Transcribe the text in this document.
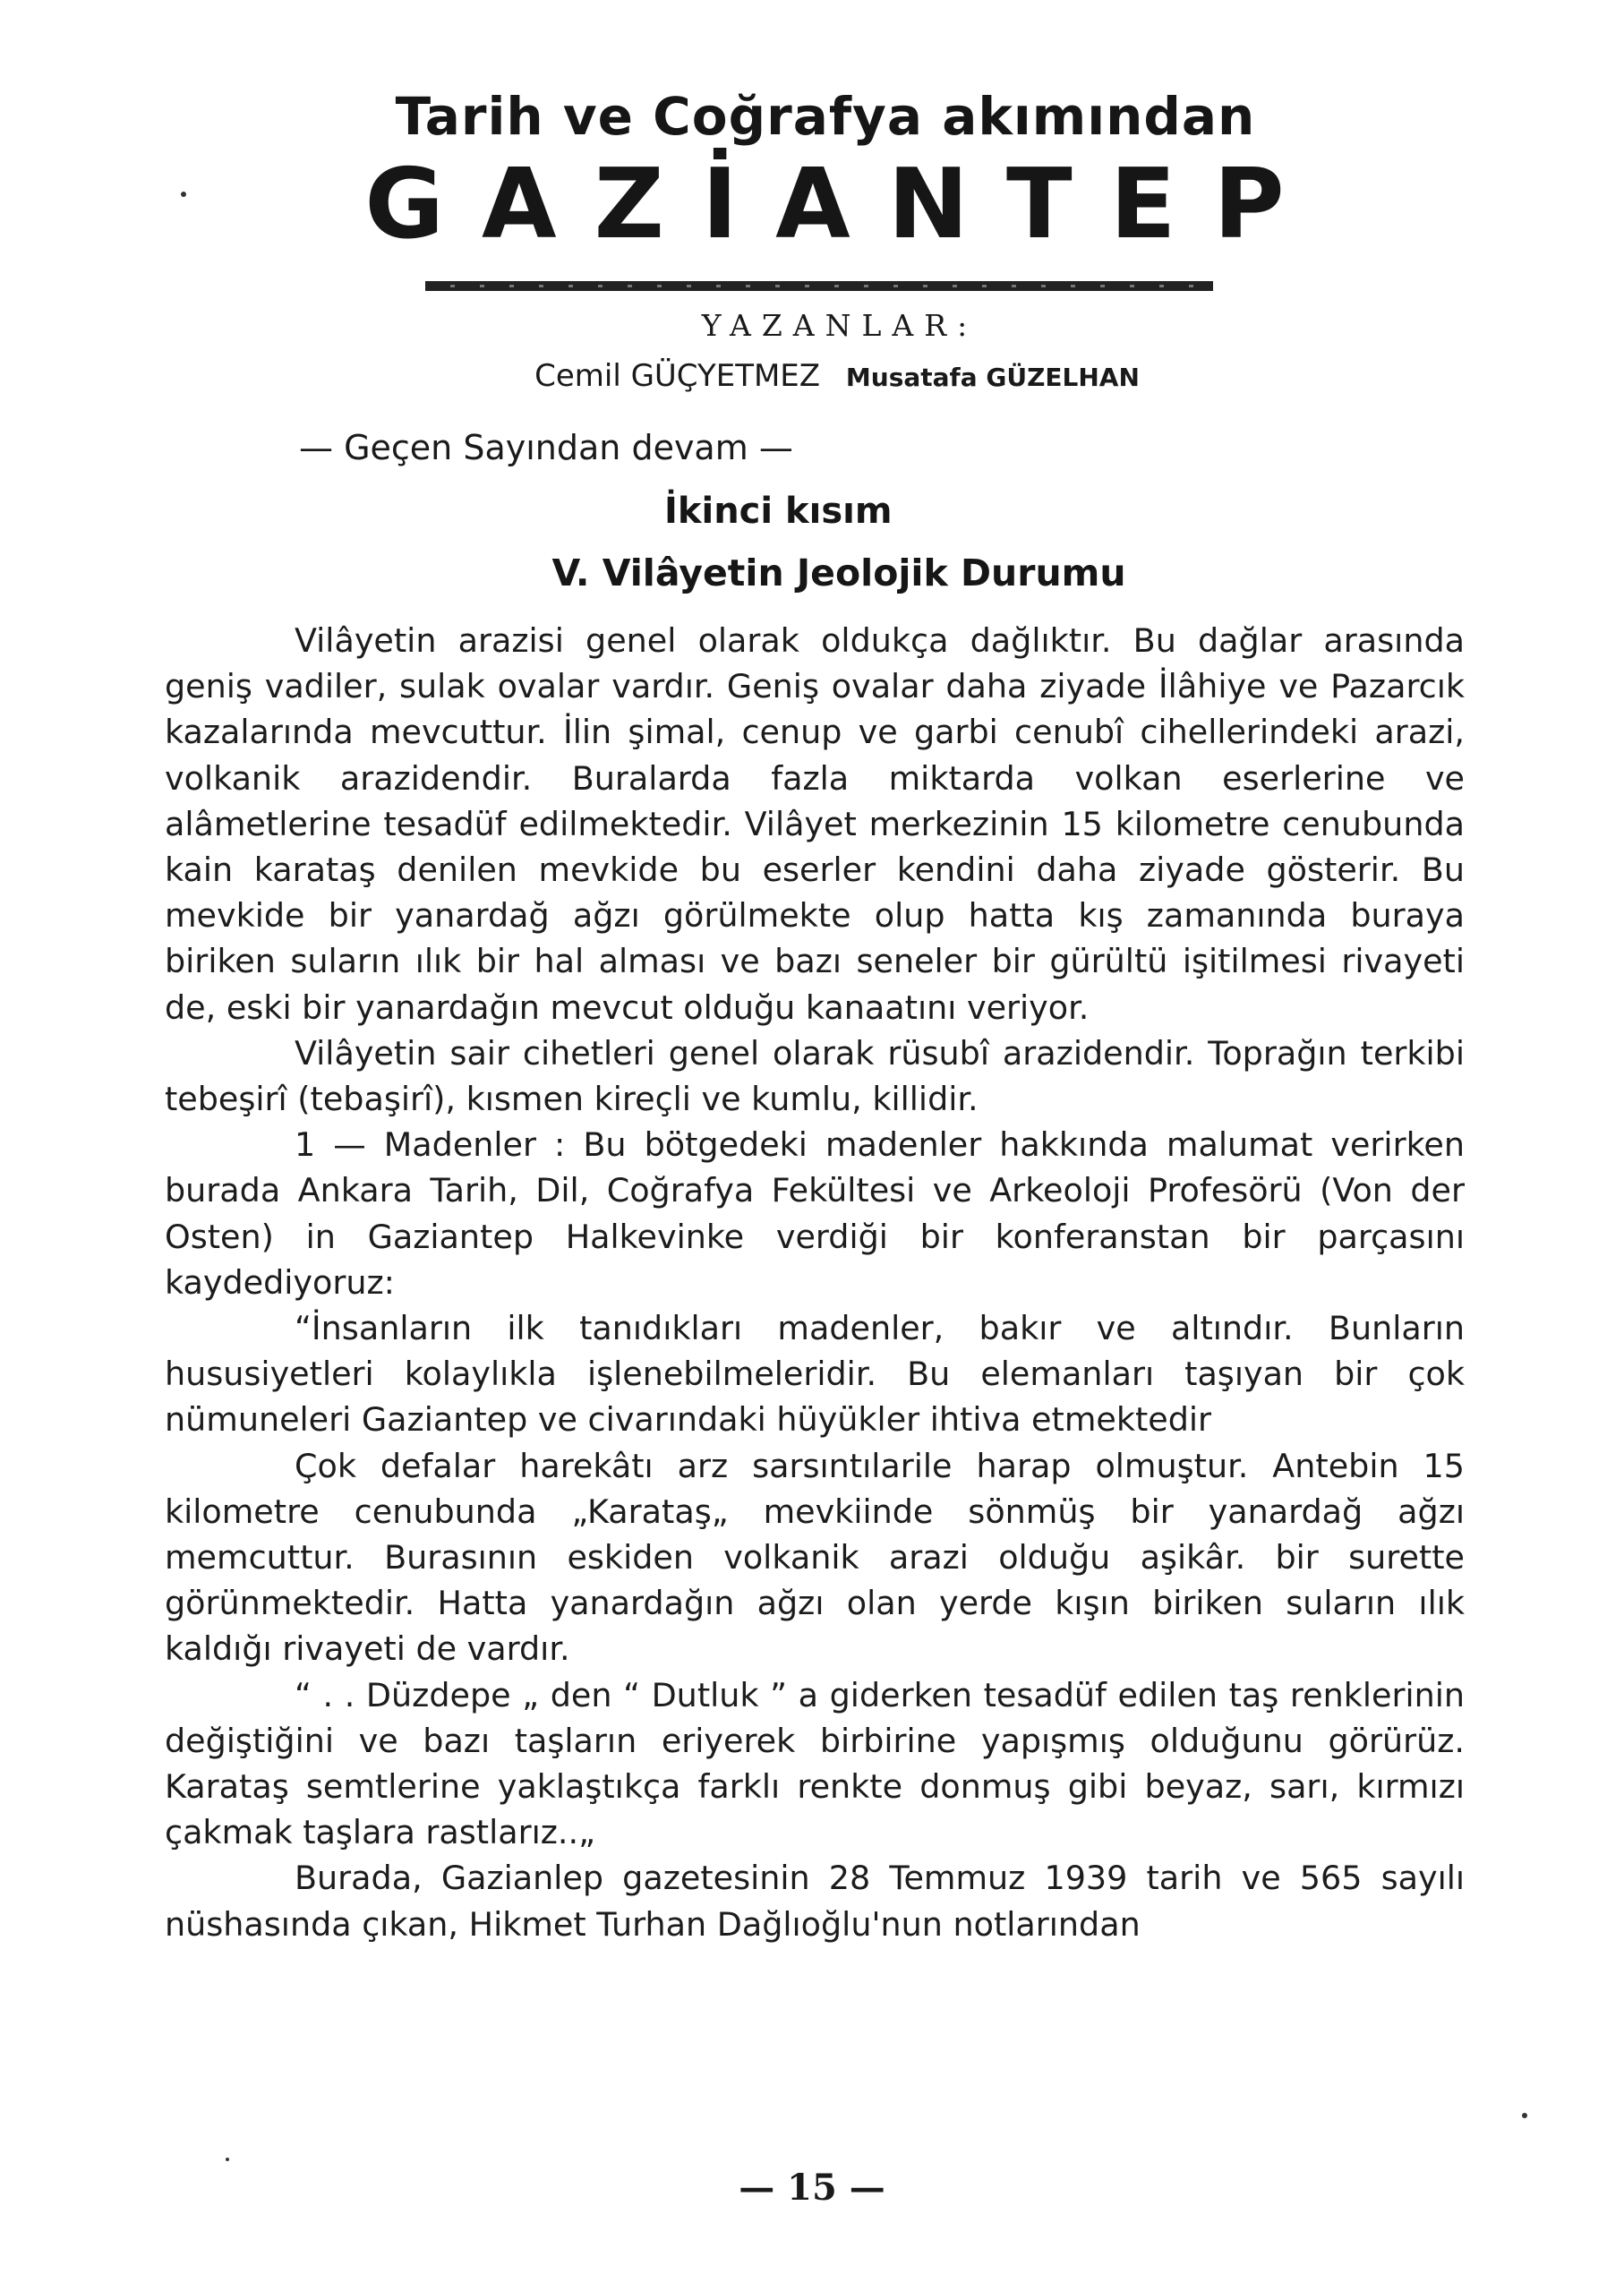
Tarih ve Coğrafya akımından
GAZİANTEP
YAZANLAR:
Cemil GÜÇYETMEZ Musatafa GÜZELHAN
— Geçen Sayından devam —
İkinci kısım
V. Vilâyetin Jeolojik Durumu

Vilâyetin arazisi genel olarak oldukça dağlıktır. Bu dağlar arasında geniş vadiler, sulak ovalar vardır. Geniş ovalar daha ziyade İlâhiye ve Pazarcık kazalarında mevcuttur. İlin şimal, cenup ve garbi cenubî cihellerindeki arazi, volkanik arazidendir. Buralarda fazla miktarda volkan eserlerine ve alâmetlerine tesadüf edilmektedir. Vilâyet merkezinin 15 kilometre cenubunda kain karataş denilen mevkide bu eserler kendini daha ziyade gösterir. Bu mevkide bir yanardağ ağzı görülmekte olup hatta kış zamanında buraya biriken suların ılık bir hal alması ve bazı seneler bir gürültü işitilmesi rivayeti de, eski bir yanardağın mevcut olduğu kanaatını veriyor.

Vilâyetin sair cihetleri genel olarak rüsubî arazidendir. Toprağın terkibi tebeşirî (tebaşirî), kısmen kireçli ve kumlu, killidir.

1 — Madenler : Bu bötgedeki madenler hakkında malumat verirken burada Ankara Tarih, Dil, Coğrafya Fekültesi ve Arkeoloji Profesörü (Von der Osten) in Gaziantep Halkevinke verdiği bir konferanstan bir parçasını kaydediyoruz:

“İnsanların ilk tanıdıkları madenler, bakır ve altındır. Bunların hususiyetleri kolaylıkla işlenebilmeleridir. Bu elemanları taşıyan bir çok nümuneleri Gaziantep ve civarındaki hüyükler ihtiva etmektedir

Çok defalar harekâtı arz sarsıntılarile harap olmuştur. Antebin 15 kilometre cenubunda „Karataş„ mevkiinde sönmüş bir yanardağ ağzı memcuttur. Burasının eskiden volkanik arazi olduğu aşikâr. bir surette görünmektedir. Hatta yanardağın ağzı olan yerde kışın biriken suların ılık kaldığı rivayeti de vardır.

“ . . Düzdepe „ den “ Dutluk ” a giderken tesadüf edilen taş renklerinin değiştiğini ve bazı taşların eriyerek birbirine yapışmış olduğunu görürüz. Karataş semtlerine yaklaştıkça farklı renkte donmuş gibi beyaz, sarı, kırmızı çakmak taşlara rastlarız..„

Burada, Gazianlep gazetesinin 28 Temmuz 1939 tarih ve 565 sayılı nüshasında çıkan, Hikmet Turhan Dağlıoğlu'nun notlarından

— 15 —
